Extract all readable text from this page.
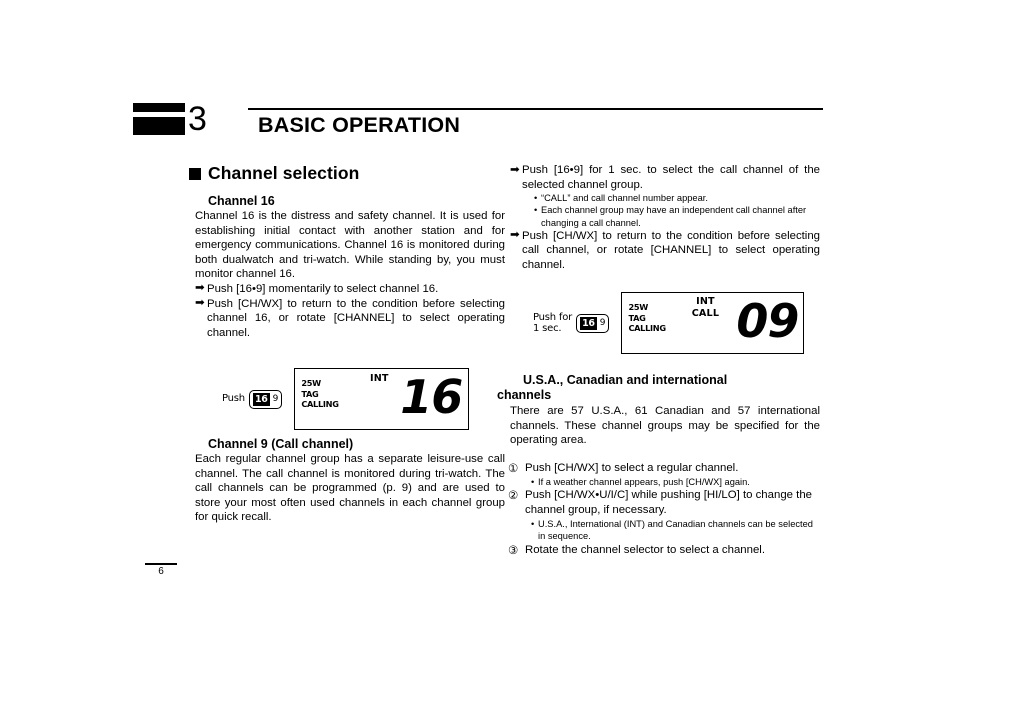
3 BASIC OPERATION
Channel selection
Channel 16

Channel 16 is the distress and safety channel. It is used for establishing initial contact with another station and for emergency communications. Channel 16 is monitored during both dualwatch and tri-watch. While standing by, you must monitor channel 16.

➡ Push [16•9] momentarily to select channel 16.
➡ Push [CH/WX] to return to the condition before selecting channel 16, or rotate [CHANNEL] to select operating channel.
Push 16 9
25W
TAG
CALLING
INT 16
Channel 9 (Call channel)

Each regular channel group has a separate leisure-use call channel. The call channel is monitored during tri-watch. The call channels can be programmed (p. 9) and are used to store your most often used channels in each channel group for quick recall.

➡ Push [16•9] for 1 sec. to select the call channel of the selected channel group.
• “CALL” and call channel number appear.
• Each channel group may have an independent call channel after changing a call channel.
➡ Push [CH/WX] to return to the condition before selecting call channel, or rotate [CHANNEL] to select operating channel.
Push for
1 sec.	16 9
25W
TAG
CALLING
INT
CALL 09
U.S.A., Canadian and international
channels

There are 57 U.S.A., 61 Canadian and 57 international channels. These channel groups may be specified for the operating area.

① Push [CH/WX] to select a regular channel.
• If a weather channel appears, push [CH/WX] again.
② Push [CH/WX•U/I/C] while pushing [HI/LO] to change the channel group, if necessary.
• U.S.A., International (INT) and Canadian channels can be selected in sequence.
③ Rotate the channel selector to select a channel.
6
